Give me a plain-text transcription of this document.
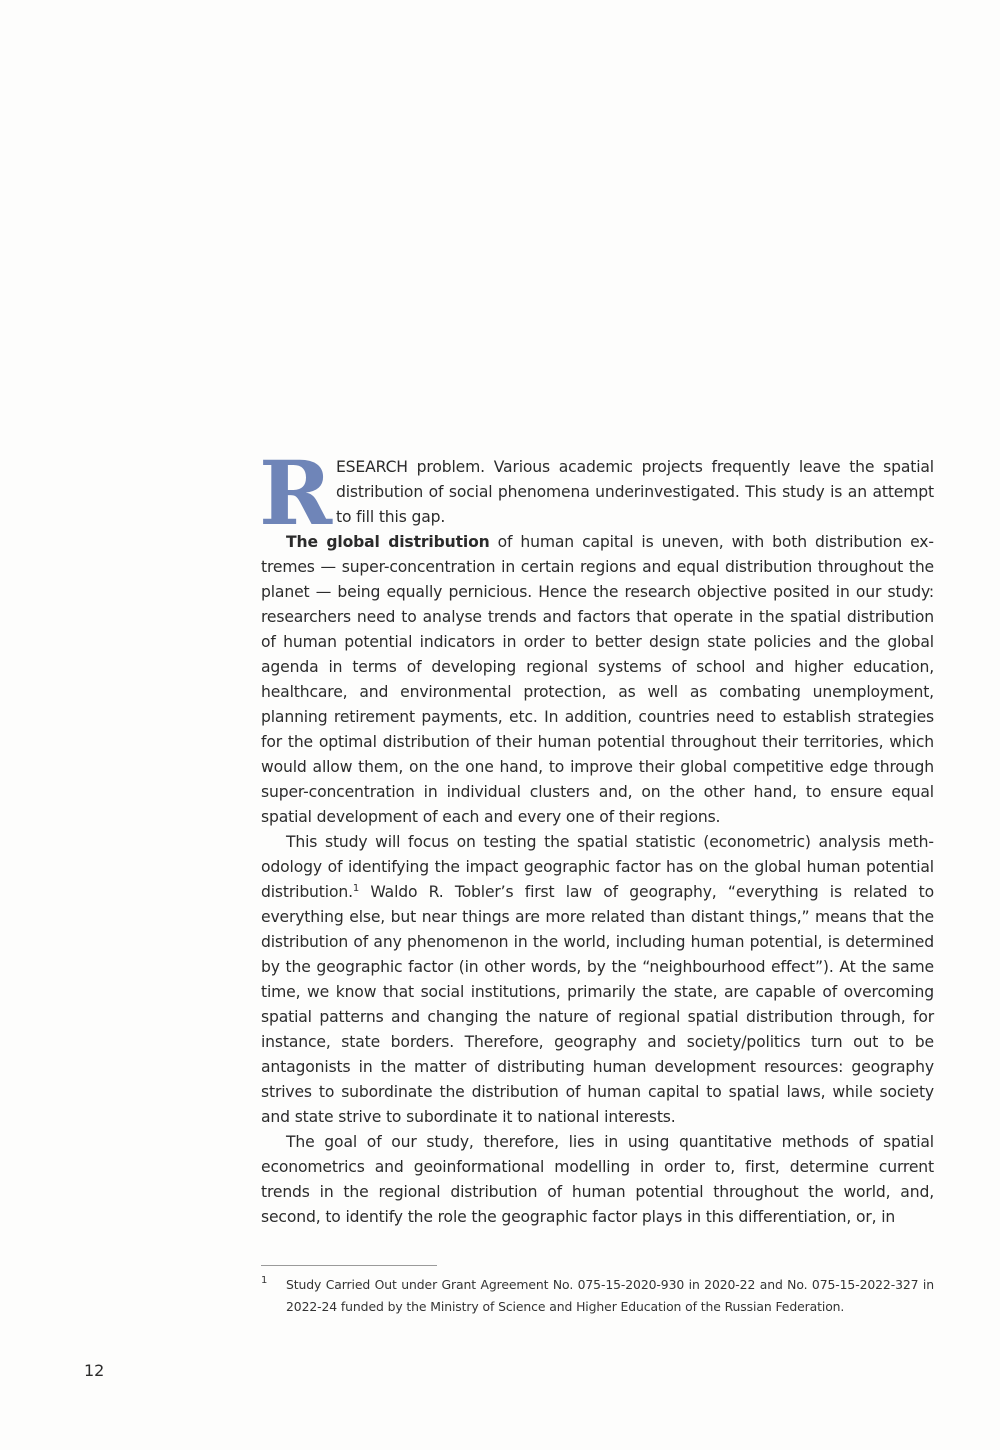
RESEARCH problem. Various academic projects frequently leave the spatial distribution of social phenomena underinvestigated. This study is an attempt to fill this gap.

The global distribution of human capital is uneven, with both distribution extremes — super-concentration in certain regions and equal distribution throughout the planet — being equally pernicious. Hence the research objective posited in our study: researchers need to analyse trends and factors that operate in the spatial distribution of human potential indicators in order to better design state policies and the global agenda in terms of developing regional systems of school and higher education, healthcare, and environmental protection, as well as combating unemployment, planning retirement payments, etc. In addition, countries need to establish strategies for the optimal distribution of their human potential throughout their territories, which would allow them, on the one hand, to improve their global competitive edge through super-concentration in individual clusters and, on the other hand, to ensure equal spatial development of each and every one of their regions.

This study will focus on testing the spatial statistic (econometric) analysis methodology of identifying the impact geographic factor has on the global human potential distribution.$^1$ Waldo R. Tobler’s first law of geography, “everything is related to everything else, but near things are more related than distant things,” means that the distribution of any phenomenon in the world, including human potential, is determined by the geographic factor (in other words, by the “neighbourhood effect”). At the same time, we know that social institutions, primarily the state, are capable of overcoming spatial patterns and changing the nature of regional spatial distribution through, for instance, state borders. Therefore, geography and society/politics turn out to be antagonists in the matter of distributing human development resources: geography strives to subordinate the distribution of human capital to spatial laws, while society and state strive to subordinate it to national interests.

The goal of our study, therefore, lies in using quantitative methods of spatial econometrics and geoinformational modelling in order to, first, determine current trends in the regional distribution of human potential throughout the world, and, second, to identify the role the geographic factor plays in this differentiation, or, in

1 Study Carried Out under Grant Agreement No. 075-15-2020-930 in 2020-22 and No. 075-15-2022-327 in 2022-24 funded by the Ministry of Science and Higher Education of the Russian Federation.
12
